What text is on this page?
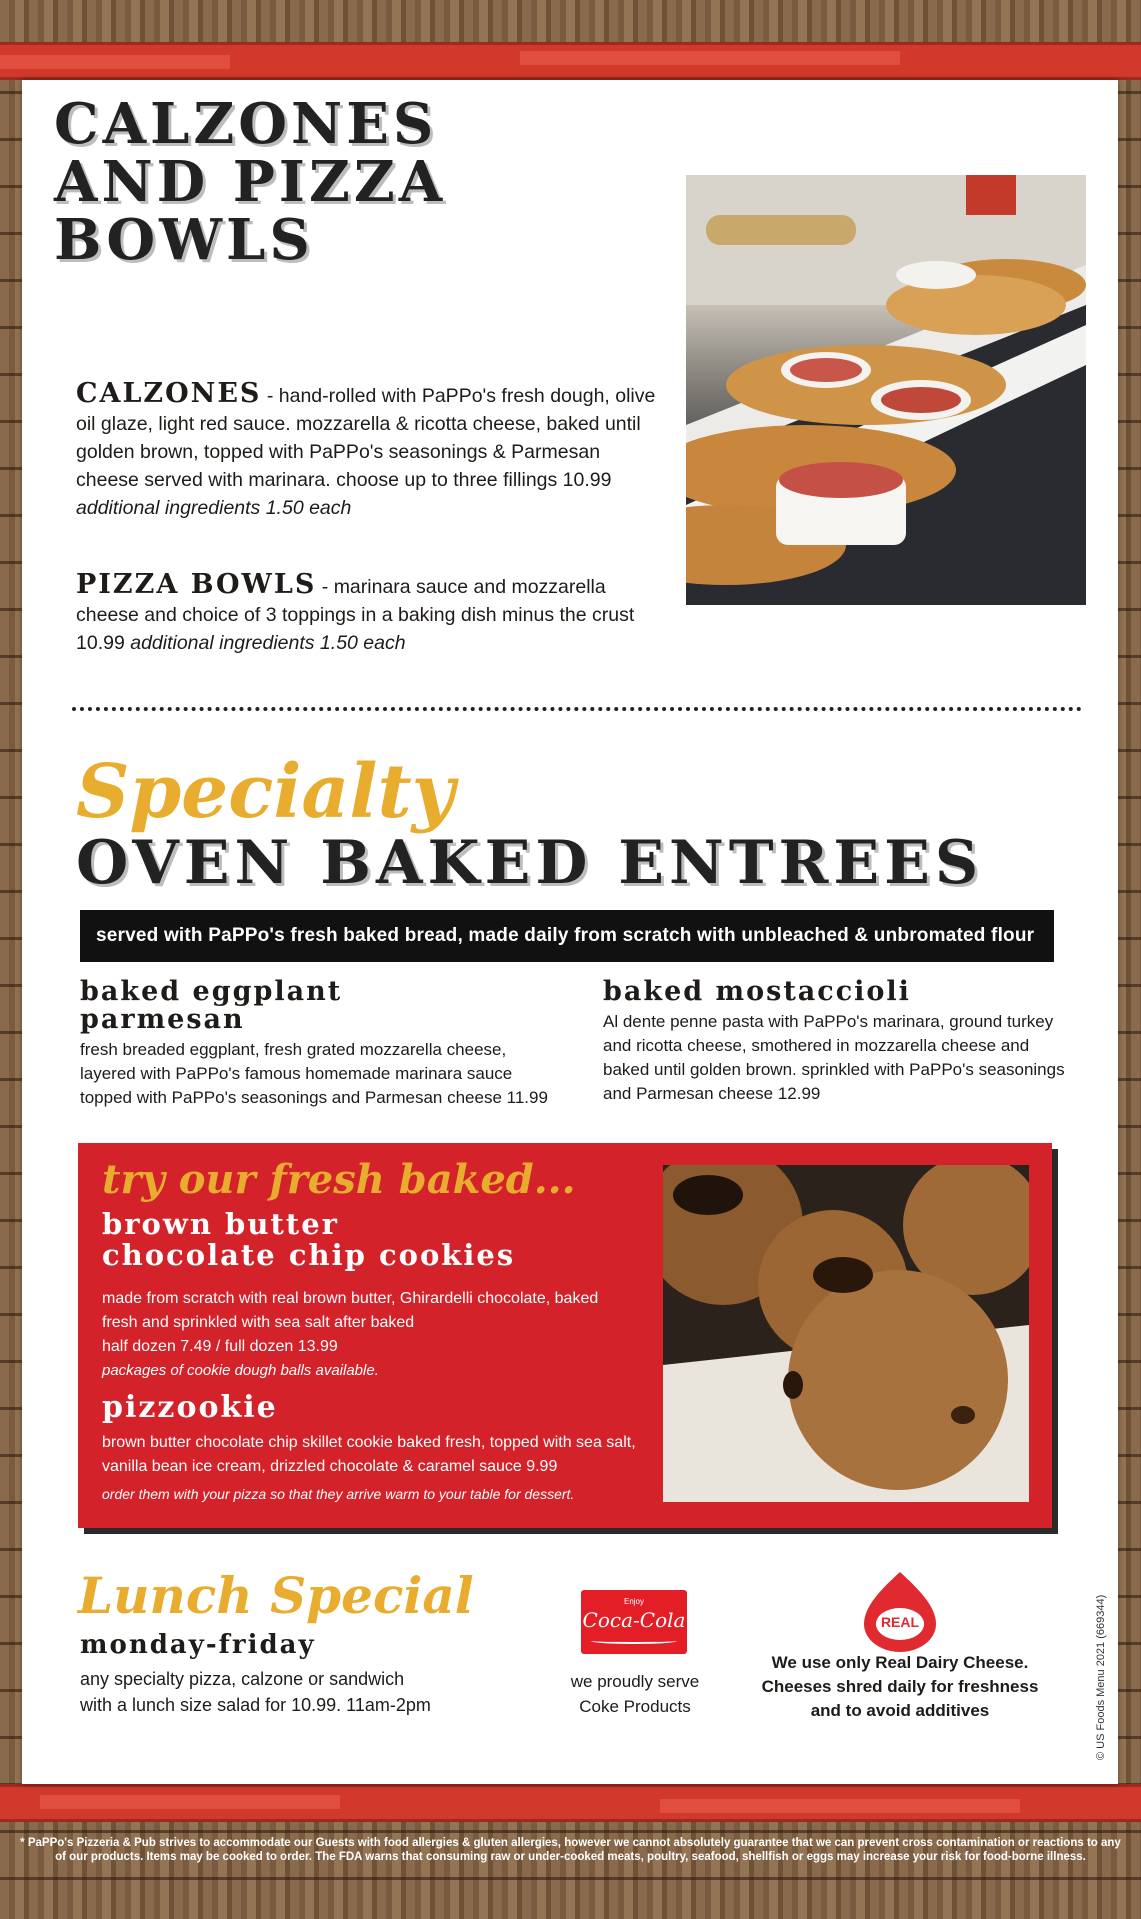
CALZONES
AND PIZZA
BOWLS
CALZONES - hand-rolled with PaPPo's fresh dough, olive oil glaze, light red sauce. mozzarella & ricotta cheese, baked until golden brown, topped with PaPPo's seasonings & Parmesan cheese served with marinara. choose up to three fillings 10.99
additional ingredients 1.50 each
PIZZA BOWLS - marinara sauce and mozzarella cheese and choice of 3 toppings in a baking dish minus the crust 10.99 additional ingredients 1.50 each
Specialty
OVEN BAKED ENTREES
served with PaPPo's fresh baked bread, made daily from scratch with unbleached & unbromated flour
baked eggplant
parmesan
fresh breaded eggplant, fresh grated mozzarella cheese, layered with PaPPo's famous homemade marinara sauce topped with PaPPo's seasonings and Parmesan cheese 11.99
baked mostaccioli
Al dente penne pasta with PaPPo's marinara, ground turkey and ricotta cheese, smothered in mozzarella cheese and baked until golden brown. sprinkled with PaPPo's seasonings and Parmesan cheese 12.99
try our fresh baked...
brown butter
chocolate chip cookies
made from scratch with real brown butter, Ghirardelli chocolate, baked fresh and sprinkled with sea salt after baked
half dozen 7.49 / full dozen 13.99
packages of cookie dough balls available.
pizzookie
brown butter chocolate chip skillet cookie baked fresh, topped with sea salt, vanilla bean ice cream, drizzled chocolate & caramel sauce 9.99
order them with your pizza so that they arrive warm to your table for dessert.
Lunch Special
monday-friday
any specialty pizza, calzone or sandwich
with a lunch size salad for 10.99. 11am-2pm
Enjoy
Coca-Cola
we proudly serve
Coke Products
REAL
We use only Real Dairy Cheese.
Cheeses shred daily for freshness
and to avoid additives	© US Foods Menu 2021 (669344)
* PaPPo's Pizzeria & Pub strives to accommodate our Guests with food allergies & gluten allergies, however we cannot absolutely guarantee that we can prevent cross contamination or reactions to any of our products. Items may be cooked to order. The FDA warns that consuming raw or under-cooked meats, poultry, seafood, shellfish or eggs may increase your risk for food-borne illness.
